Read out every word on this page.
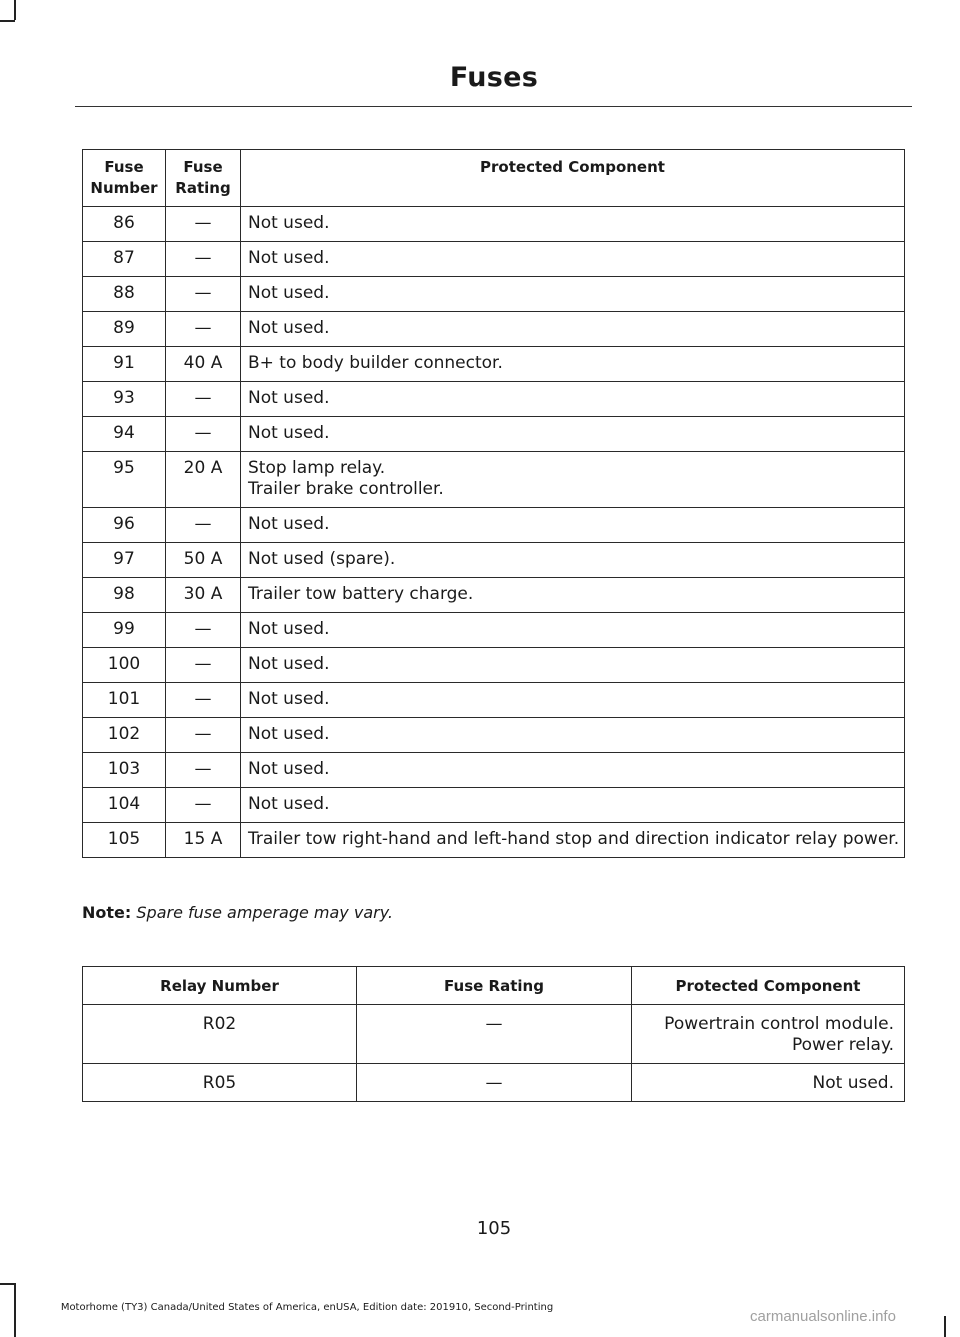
Fuses
Fuse Number	Fuse Rating	Protected Component
86	—	Not used.

87	—	Not used.

88	—	Not used.

89	—	Not used.

91	40 A	B+ to body builder connector.

93	—	Not used.

94	—	Not used.

95	20 A	Stop lamp relay.
Trailer brake controller.

96	—	Not used.

97	50 A	Not used (spare).

98	30 A	Trailer tow battery charge.

99	—	Not used.

100	—	Not used.

101	—	Not used.

102	—	Not used.

103	—	Not used.

104	—	Not used.

105	15 A	Trailer tow right-hand and left-hand stop and direction indicator relay power.
Note: Spare fuse amperage may vary.
Relay Number	Fuse Rating	Protected Component
R02	—	Powertrain control module.
Power relay.

R05	—	Not used.
105
Motorhome (TY3) Canada/United States of America, enUSA, Edition date: 201910, Second-Printing
carmanualsonline.info
